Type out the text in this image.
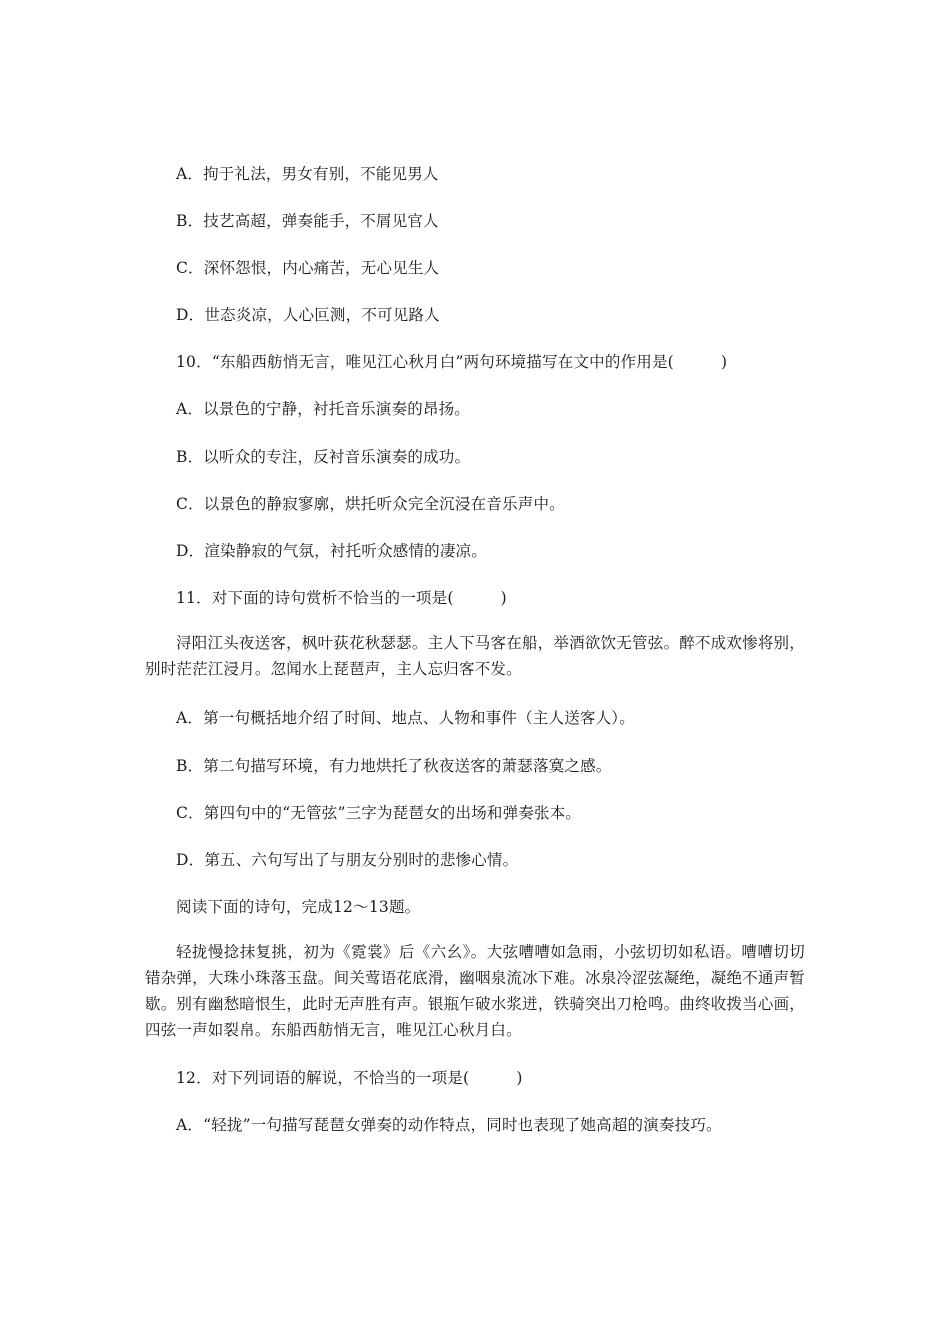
A．拘于礼法，男女有别，不能见男人
B．技艺高超，弹奏能手，不屑见官人
C．深怀怨恨，内心痛苦，无心见生人
D．世态炎凉，人心叵测，不可见路人
10．“东船西舫悄无言，唯见江心秋月白”两句环境描写在文中的作用是(　　　)
A．以景色的宁静，衬托音乐演奏的昂扬。
B．以听众的专注，反衬音乐演奏的成功。
C．以景色的静寂寥廓，烘托听众完全沉浸在音乐声中。
D．渲染静寂的气氛，衬托听众感情的凄凉。
11．对下面的诗句赏析不恰当的一项是(　　　)
浔阳江头夜送客，枫叶荻花秋瑟瑟。主人下马客在船，举酒欲饮无管弦。醉不成欢惨将别，别时茫茫江浸月。忽闻水上琵琶声，主人忘归客不发。
A．第一句概括地介绍了时间、地点、人物和事件（主人送客人）。
B．第二句描写环境，有力地烘托了秋夜送客的萧瑟落寞之感。
C．第四句中的“无管弦”三字为琵琶女的出场和弹奏张本。
D．第五、六句写出了与朋友分别时的悲惨心情。
阅读下面的诗句，完成12～13题。
轻拢慢捻抹复挑，初为《霓裳》后《六幺》。大弦嘈嘈如急雨，小弦切切如私语。嘈嘈切切错杂弹，大珠小珠落玉盘。间关莺语花底滑，幽咽泉流冰下难。冰泉冷涩弦凝绝，凝绝不通声暂歇。别有幽愁暗恨生，此时无声胜有声。银瓶乍破水浆迸，铁骑突出刀枪鸣。曲终收拨当心画，四弦一声如裂帛。东船西舫悄无言，唯见江心秋月白。
12．对下列词语的解说，不恰当的一项是(　　　)
A．“轻拢”一句描写琵琶女弹奏的动作特点，同时也表现了她高超的演奏技巧。
